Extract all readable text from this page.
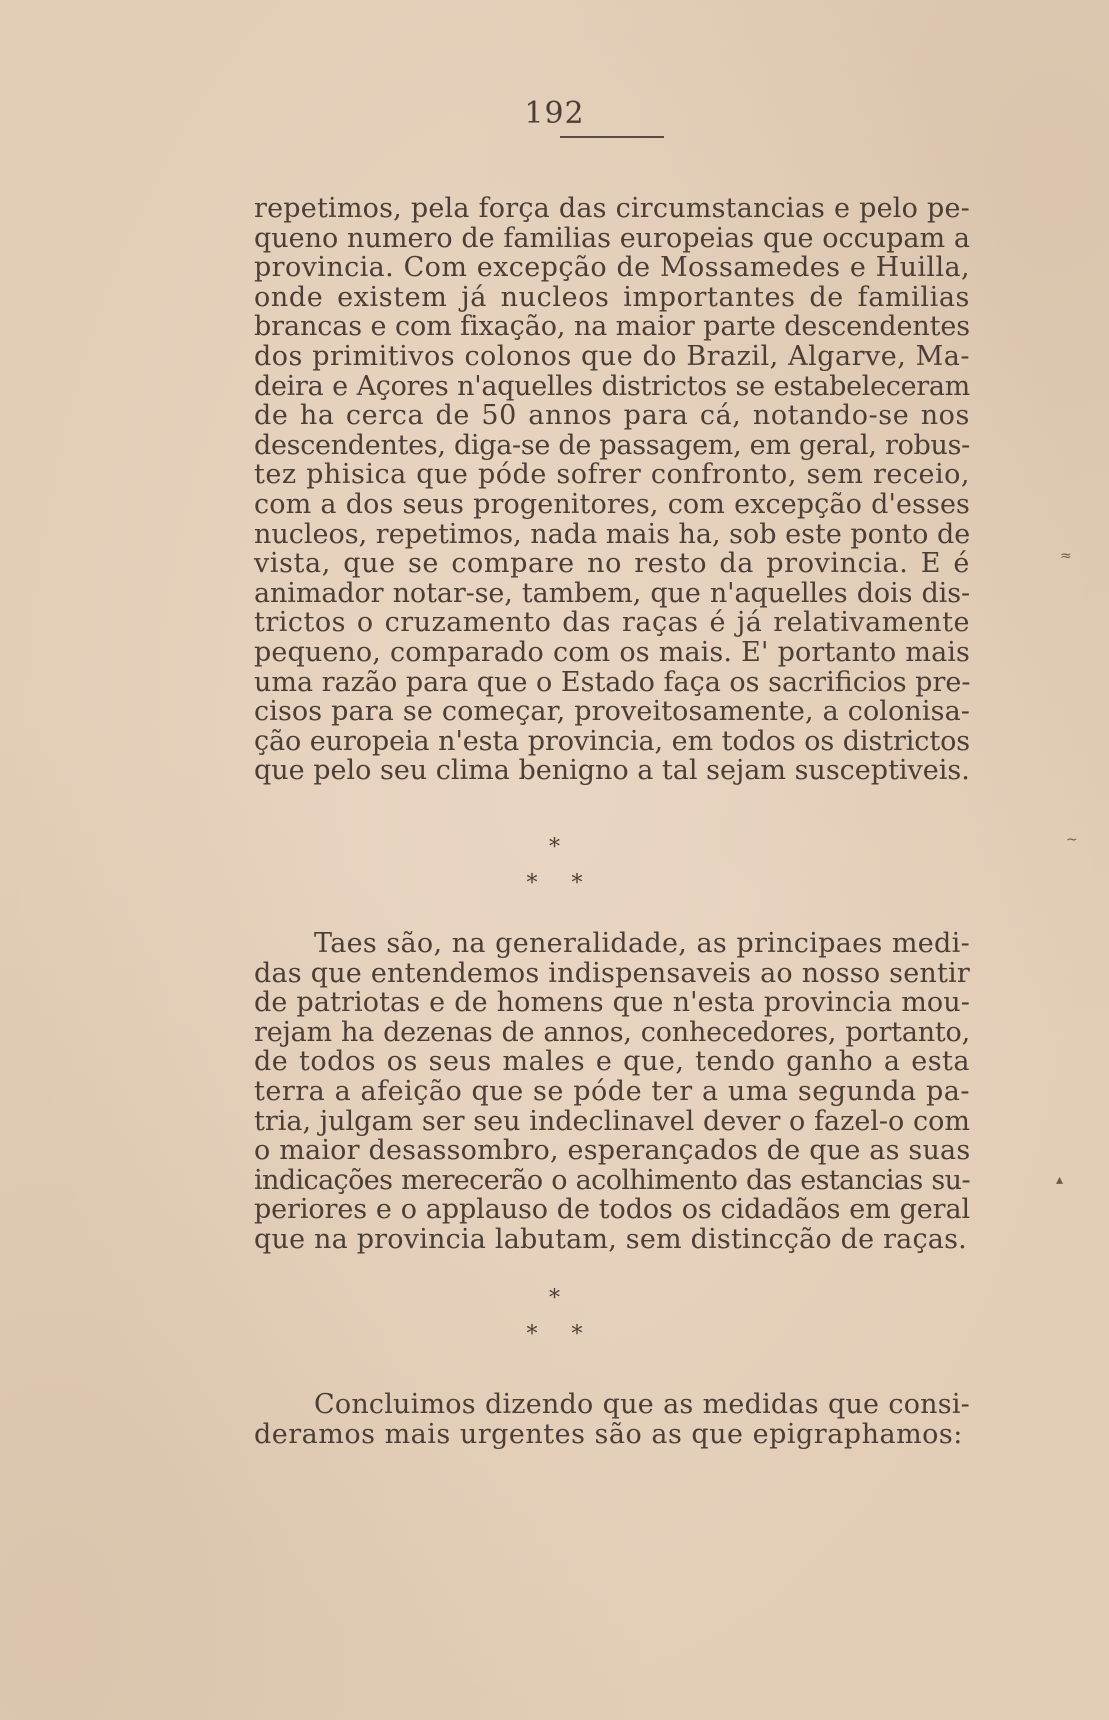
192
repetimos, pela força das circumstancias e pelo pe-
queno numero de familias europeias que occupam a
provincia. Com excepção de Mossamedes e Huilla,
onde existem já nucleos importantes de familias
brancas e com fixação, na maior parte descendentes
dos primitivos colonos que do Brazil, Algarve, Ma-
deira e Açores n'aquelles districtos se estabeleceram
de ha cerca de 50 annos para cá, notando-se nos
descendentes, diga-se de passagem, em geral, robus-
tez phisica que póde sofrer confronto, sem receio,
com a dos seus progenitores, com excepção d'esses
nucleos, repetimos, nada mais ha, sob este ponto de
vista, que se compare no resto da provincia. E é
animador notar-se, tambem, que n'aquelles dois dis-
trictos o cruzamento das raças é já relativamente
pequeno, comparado com os mais. E' portanto mais
uma razão para que o Estado faça os sacrificios pre-
cisos para se começar, proveitosamente, a colonisa-
ção europeia n'esta provincia, em todos os districtos
que pelo seu clima benigno a tal sejam susceptiveis.
*
* *
Taes são, na generalidade, as principaes medi-
das que entendemos indispensaveis ao nosso sentir
de patriotas e de homens que n'esta provincia mou-
rejam ha dezenas de annos, conhecedores, portanto,
de todos os seus males e que, tendo ganho a esta
terra a afeição que se póde ter a uma segunda pa-
tria, julgam ser seu indeclinavel dever o fazel-o com
o maior desassombro, esperançados de que as suas
indicações merecerão o acolhimento das estancias su-
periores e o applauso de todos os cidadãos em geral
que na provincia labutam, sem distincção de raças.
*
* *
Concluimos dizendo que as medidas que consi-
deramos mais urgentes são as que epigraphamos:
≈
~
▴
